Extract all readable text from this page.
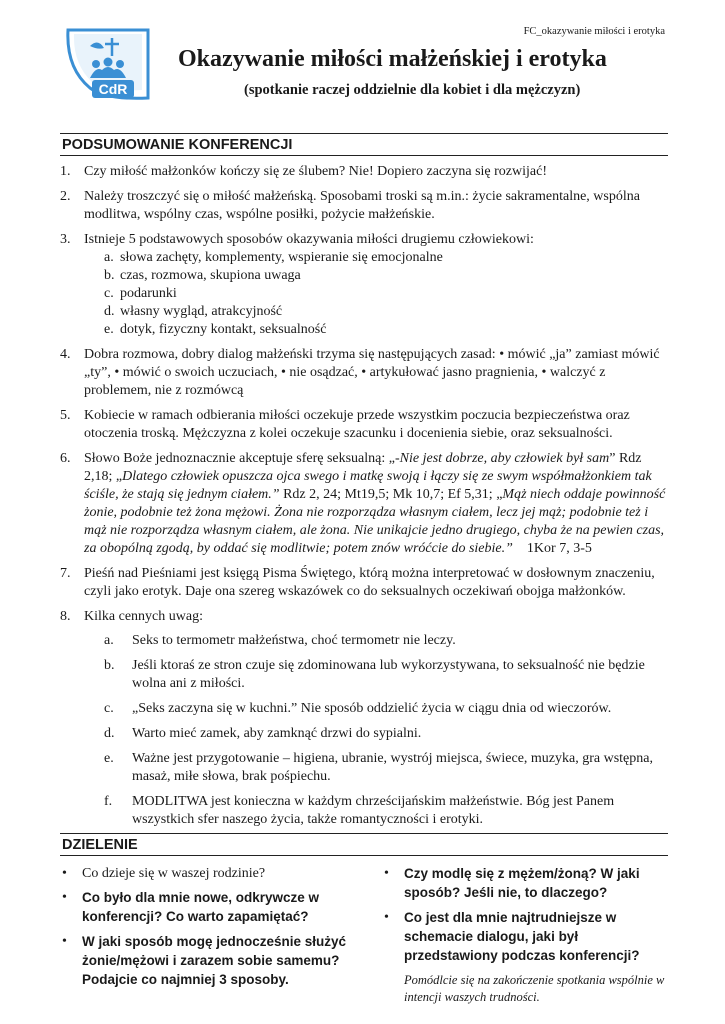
FC_okazywanie miłości i erotyka
CdR
Okazywanie miłości małżeńskiej i erotyka
(spotkanie raczej oddzielnie dla kobiet i dla mężczyzn)
PODSUMOWANIE KONFERENCJI
1. Czy miłość małżonków kończy się ze ślubem? Nie! Dopiero zaczyna się rozwijać!
2. Należy troszczyć się o miłość małżeńską. Sposobami troski są m.in.: życie sakramentalne, wspólna modlitwa, wspólny czas, wspólne posiłki, pożycie małżeńskie.
3. Istnieje 5 podstawowych sposobów okazywania miłości drugiemu człowiekowi:
a. słowa zachęty, komplementy, wspieranie się emocjonalne
b. czas, rozmowa, skupiona uwaga
c. podarunki
d. własny wygląd, atrakcyjność
e. dotyk, fizyczny kontakt, seksualność
4. Dobra rozmowa, dobry dialog małżeński trzyma się następujących zasad: • mówić „ja” zamiast mówić „ty”, • mówić o swoich uczuciach, • nie osądzać, • artykułować jasno pragnienia, • walczyć z problemem, nie z rozmówcą
5. Kobiecie w ramach odbierania miłości oczekuje przede wszystkim poczucia bezpieczeństwa oraz otoczenia troską. Mężczyzna z kolei oczekuje szacunku i docenienia siebie, oraz seksualności.
6. Słowo Boże jednoznacznie akceptuje sferę seksualną: „-Nie jest dobrze, aby człowiek był sam” Rdz 2,18; „Dlatego człowiek opuszcza ojca swego i matkę swoją i łączy się ze swym współmałżonkiem tak ściśle, że stają się jednym ciałem.” Rdz 2, 24; Mt19,5; Mk 10,7; Ef 5,31; „Mąż niech oddaje powinność żonie, podobnie też żona mężowi. Żona nie rozporządza własnym ciałem, lecz jej mąż; podobnie też i mąż nie rozporządza własnym ciałem, ale żona. Nie unikajcie jedno drugiego, chyba że na pewien czas, za obopólną zgodą, by oddać się modlitwie; potem znów wróćcie do siebie.”    1Kor 7, 3-5
7. Pieśń nad Pieśniami jest księgą Pisma Świętego, którą można interpretować w dosłownym znaczeniu, czyli jako erotyk. Daje ona szereg wskazówek co do seksualnych oczekiwań obojga małżonków.
8. Kilka cennych uwag:
a. Seks to termometr małżeństwa, choć termometr nie leczy.
b. Jeśli ktoraś ze stron czuje się zdominowana lub wykorzystywana, to seksualność nie będzie wolna ani z miłości.
c. „Seks zaczyna się w kuchni.” Nie sposób oddzielić życia w ciągu dnia od wieczorów.
d. Warto mieć zamek, aby zamknąć drzwi do sypialni.
e. Ważne jest przygotowanie – higiena, ubranie, wystrój miejsca, świece, muzyka, gra wstępna, masaż, miłe słowa, brak pośpiechu.
f. MODLITWA jest konieczna w każdym chrześcijańskim małżeństwie. Bóg jest Panem wszystkich sfer naszego życia, także romantyczności i erotyki.
DZIELENIE
• Co dzieje się w waszej rodzinie?
• Co było dla mnie nowe, odkrywcze w konferencji? Co warto zapamiętać?
• W jaki sposób mogę jednocześnie służyć żonie/mężowi i zarazem sobie samemu? Podajcie co najmniej 3 sposoby.
• Czy modlę się z mężem/żoną? W jaki sposób? Jeśli nie, to dlaczego?
• Co jest dla mnie najtrudniejsze w schemacie dialogu, jaki był przedstawiony podczas konferencji?
Pomódlcie się na zakończenie spotkania wspólnie w intencji waszych trudności.
